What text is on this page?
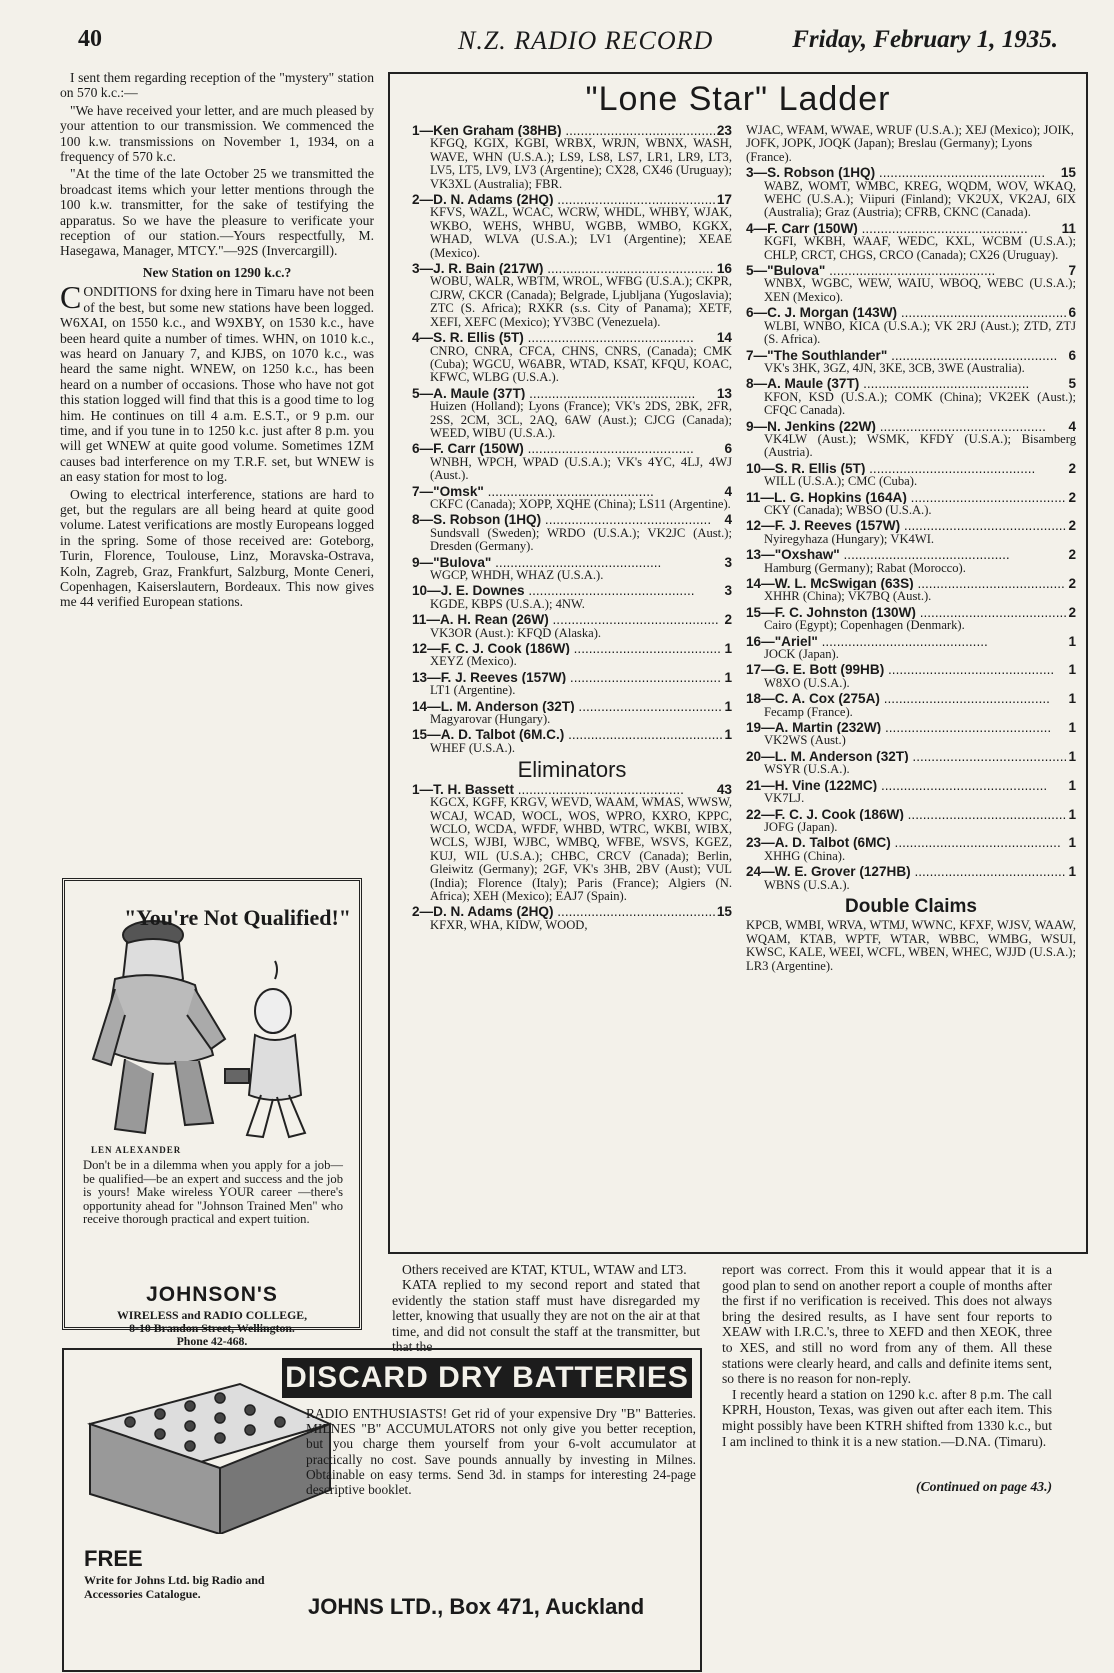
40	N.Z. RADIO RECORD	Friday, February 1, 1935.

I sent them regarding reception of the "mystery" station on 570 k.c.:—

"We have received your letter, and are much pleased by your attention to our transmission. We commenced the 100 k.w. transmissions on November 1, 1934, on a frequency of 570 k.c.

"At the time of the late October 25 we transmitted the broadcast items which your letter mentions through the 100 k.w. transmitter, for the sake of testifying the apparatus. So we have the pleasure to verificate your reception of our station.—Yours respectfully, M. Hasegawa, Manager, MTCY."—92S (Invercargill).

New Station on 1290 k.c.?

CONDITIONS for dxing here in Timaru have not been of the best, but some new stations have been logged. W6XAI, on 1550 k.c., and W9XBY, on 1530 k.c., have been heard quite a number of times. WHN, on 1010 k.c., was heard on January 7, and KJBS, on 1070 k.c., was heard the same night. WNEW, on 1250 k.c., has been heard on a number of occasions. Those who have not got this station logged will find that this is a good time to log him. He continues on till 4 a.m. E.S.T., or 9 p.m. our time, and if you tune in to 1250 k.c. just after 8 p.m. you will get WNEW at quite good volume. Sometimes 1ZM causes bad interference on my T.R.F. set, but WNEW is an easy station for most to log.

Owing to electrical interference, stations are hard to get, but the regulars are all being heard at quite good volume. Latest verifications are mostly Europeans logged in the spring. Some of those received are: Goteborg, Turin, Florence, Toulouse, Linz, Moravska-Ostrava, Koln, Zagreb, Graz, Frankfurt, Salzburg, Monte Ceneri, Copenhagen, Kaiserslautern, Bordeaux. This now gives me 44 verified European stations.

"You're Not Qualified!"
LEN ALEXANDER
Don't be in a dilemma when you apply for a job—be qualified—be an expert and success and the job is yours! Make wireless YOUR career —there's opportunity ahead for "Johnson Trained Men" who receive thorough practical and expert tuition.
JOHNSON'S
WIRELESS and RADIO COLLEGE,
8-10 Brandon Street, Wellington.
Phone 42-468.
"Lone Star" Ladder
1—Ken Graham (38HB) .....	23
KFGQ, KGIX, KGBI, WRBX, WRJN, WBNX, WASH, WAVE, WHN (U.S.A.); LS9, LS8, LS7, LR1, LR9, LT3, LV5, LT5, LV9, LV3 (Argentine); CX28, CX46 (Uruguay); VK3XL (Australia); FBR.
2—D. N. Adams (2HQ) .....	17
KFVS, WAZL, WCAC, WCRW, WHDL, WHBY, WJAK, WKBO, WEHS, WHBU, WGBB, WMBO, KGKX, WHAD, WLVA (U.S.A.); LV1 (Argentine); XEAE (Mexico).
3—J. R. Bain (217W) .....	16
WOBU, WALR, WBTM, WROL, WFBG (U.S.A.); CKPR, CJRW, CKCR (Canada); Belgrade, Ljubljana (Yugoslavia); ZTC (S. Africa); RXKR (s.s. City of Panama); XETF, XEFI, XEFC (Mexico); YV3BC (Venezuela).
4—S. R. Ellis (5T) .....	14
CNRO, CNRA, CFCA, CHNS, CNRS, (Canada); CMK (Cuba); WGCU, W6ABR, WTAD, KSAT, KFQU, KOAC, KFWC, WLBG (U.S.A.).
5—A. Maule (37T) .....	13
Huizen (Holland); Lyons (France); VK's 2DS, 2BK, 2FR, 2SS, 2CM, 3CL, 2AQ, 6AW (Aust.); CJCG (Canada); WEED, WIBU (U.S.A.).
6—F. Carr (150W) .....	6
WNBH, WPCH, WPAD (U.S.A.); VK's 4YC, 4LJ, 4WJ (Aust.).
7—"Omsk" .....	4
CKFC (Canada); XOPP, XQHE (China); LS11 (Argentine).
8—S. Robson (1HQ) .....	4
Sundsvall (Sweden); WRDO (U.S.A.); VK2JC (Aust.); Dresden (Germany).
9—"Bulova" .....	3
WGCP, WHDH, WHAZ (U.S.A.).
10—J. E. Downes .....	3
KGDE, KBPS (U.S.A.); 4NW.
11—A. H. Rean (26W) .....	2
VK3OR (Aust.): KFQD (Alaska).
12—F. C. J. Cook (186W) .....	1
XEYZ (Mexico).
13—F. J. Reeves (157W) .....	1
LT1 (Argentine).
14—L. M. Anderson (32T) .....	1
Magyarovar (Hungary).
15—A. D. Talbot (6M.C.) .....	1
WHEF (U.S.A.).
Eliminators
1—T. H. Bassett .....	43
KGCX, KGFF, KRGV, WEVD, WAAM, WMAS, WWSW, WCAJ, WCAD, WOCL, WOS, WPRO, KXRO, KPPC, WCLO, WCDA, WFDF, WHBD, WTRC, WKBI, WIBX, WCLS, WJBI, WJBC, WMBQ, WFBE, WSVS, KGEZ, KUJ, WIL (U.S.A.); CHBC, CRCV (Canada); Berlin, Gleiwitz (Germany); 2GF, VK's 3HB, 2BV (Aust); VUL (India); Florence (Italy); Paris (France); Algiers (N. Africa); XEH (Mexico); EAJ7 (Spain).
2—D. N. Adams (2HQ) .....	15
KFXR, WHA, KIDW, WOOD,
WJAC, WFAM, WWAE, WRUF (U.S.A.); XEJ (Mexico); JOIK, JOFK, JOPK, JOQK (Japan); Breslau (Germany); Lyons (France).
3—S. Robson (1HQ) .....	15
WABZ, WOMT, WMBC, KREG, WQDM, WOV, WKAQ, WEHC (U.S.A.); Viipuri (Finland); VK2UX, VK2AJ, 6IX (Australia); Graz (Austria); CFRB, CKNC (Canada).
4—F. Carr (150W) .....	11
KGFI, WKBH, WAAF, WEDC, KXL, WCBM (U.S.A.); CHLP, CRCT, CHGS, CRCO (Canada); CX26 (Uruguay).
5—"Bulova" .....	7
WNBX, WGBC, WEW, WAIU, WBOQ, WEBC (U.S.A.); XEN (Mexico).
6—C. J. Morgan (143W) .....	6
WLBI, WNBO, KICA (U.S.A.); VK 2RJ (Aust.); ZTD, ZTJ (S. Africa).
7—"The Southlander" .....	6
VK's 3HK, 3GZ, 4JN, 3KE, 3CB, 3WE (Australia).
8—A. Maule (37T) .....	5
KFON, KSD (U.S.A.); COMK (China); VK2EK (Aust.); CFQC Canada).
9—N. Jenkins (22W) .....	4
VK4LW (Aust.); WSMK, KFDY (U.S.A.); Bisamberg (Austria).
10—S. R. Ellis (5T) .....	2
WILL (U.S.A.); CMC (Cuba).
11—L. G. Hopkins (164A) .....	2
CKY (Canada); WBSO (U.S.A.).
12—F. J. Reeves (157W) .....	2
Nyiregyhaza (Hungary); VK4WI.
13—"Oxshaw" .....	2
Hamburg (Germany); Rabat (Morocco).
14—W. L. McSwigan (63S) .....	2
XHHR (China); VK7BQ (Aust.).
15—F. C. Johnston (130W) .....	2
Cairo (Egypt); Copenhagen (Denmark).
16—"Ariel" .....	1
JOCK (Japan).
17—G. E. Bott (99HB) .....	1
W8XO (U.S.A.).
18—C. A. Cox (275A) .....	1
Fecamp (France).
19—A. Martin (232W) .....	1
VK2WS (Aust.)
20—L. M. Anderson (32T) .....	1
WSYR (U.S.A.).
21—H. Vine (122MC) .....	1
VK7LJ.
22—F. C. J. Cook (186W) .....	1
JOFG (Japan).
23—A. D. Talbot (6MC) .....	1
XHHG (China).
24—W. E. Grover (127HB) .....	1
WBNS (U.S.A.).
Double Claims
KPCB, WMBI, WRVA, WTMJ, WWNC, KFXF, WJSV, WAAW, WQAM, KTAB, WPTF, WTAR, WBBC, WMBG, WSUI, KWSC, KALE, WEEI, WCFL, WBEN, WHEC, WJJD (U.S.A.); LR3 (Argentine).

Others received are KTAT, KTUL, WTAW and LT3.

KATA replied to my second report and stated that evidently the station staff must have disregarded my letter, knowing that usually they are not on the air at that time, and did not consult the staff at the transmitter, but that the

report was correct. From this it would appear that it is a good plan to send on another report a couple of months after the first if no verification is received. This does not always bring the desired results, as I have sent four reports to XEAW with I.R.C.'s, three to XEFD and then XEOK, three to XES, and still no word from any of them. All these stations were clearly heard, and calls and definite items sent, so there is no reason for non-reply.

I recently heard a station on 1290 k.c. after 8 p.m. The call KPRH, Houston, Texas, was given out after each item. This might possibly have been KTRH shifted from 1330 k.c., but I am inclined to think it is a new station.—D.NA. (Timaru).

(Continued on page 43.)
DISCARD DRY BATTERIES
RADIO ENTHUSIASTS! Get rid of your expensive Dry "B" Batteries. MILNES "B" ACCUMULATORS not only give you better reception, but you charge them yourself from your 6-volt accumulator at practically no cost. Save pounds annually by investing in Milnes. Obtainable on easy terms. Send 3d. in stamps for interesting 24-page descriptive booklet.
FREE
Write for Johns Ltd. big Radio and Accessories Catalogue.
JOHNS LTD., Box 471, Auckland
